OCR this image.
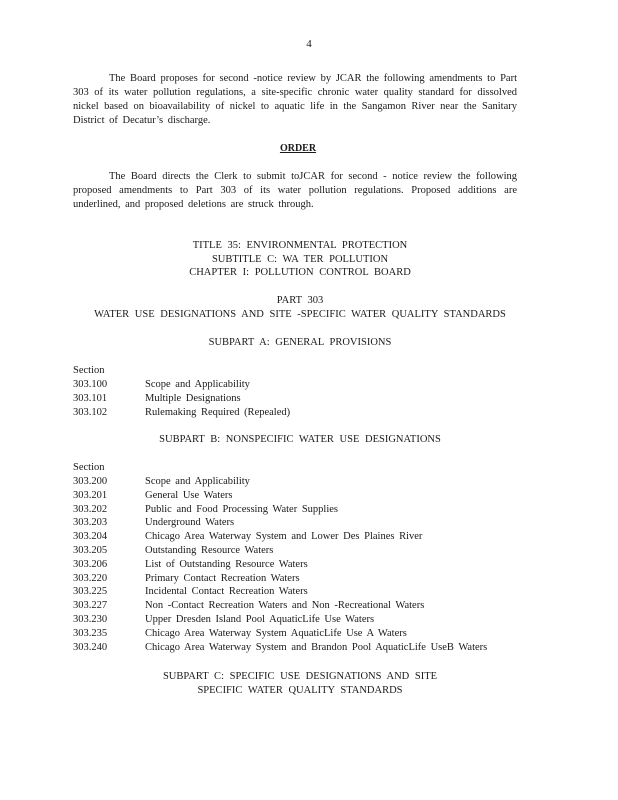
4
The Board proposes for second -notice review by JCAR the following amendments to Part 303 of its water pollution regulations, a site-specific chronic water quality standard for dissolved nickel based on bioavailability of nickel to aquatic life in the Sangamon River near the Sanitary District of Decatur’s discharge.
ORDER
The Board directs the Clerk to submit toJCAR for second - notice review the following proposed amendments to Part 303 of its water pollution regulations. Proposed additions are underlined, and proposed deletions are struck through.
TITLE 35: ENVIRONMENTAL PROTECTION
SUBTITLE C: WA TER POLLUTION
CHAPTER I: POLLUTION CONTROL BOARD
PART 303
WATER USE DESIGNATIONS AND SITE -SPECIFIC WATER QUALITY STANDARDS
SUBPART A: GENERAL PROVISIONS
Section
303.100	Scope and Applicability
303.101	Multiple Designations
303.102	Rulemaking Required (Repealed)
SUBPART B: NONSPECIFIC WATER USE DESIGNATIONS
Section
303.200	Scope and Applicability
303.201	General Use Waters
303.202	Public and Food Processing Water Supplies
303.203	Underground Waters
303.204	Chicago Area Waterway System and Lower Des Plaines River
303.205	Outstanding Resource Waters
303.206	List of Outstanding Resource Waters
303.220	Primary Contact Recreation Waters
303.225	Incidental Contact Recreation Waters
303.227	Non -Contact Recreation Waters and Non -Recreational Waters
303.230	Upper Dresden Island Pool AquaticLife Use Waters
303.235	Chicago Area Waterway System AquaticLife Use A Waters
303.240	Chicago Area Waterway System and Brandon Pool AquaticLife UseB Waters
SUBPART C: SPECIFIC USE DESIGNATIONS AND SITE
SPECIFIC WATER QUALITY STANDARDS
